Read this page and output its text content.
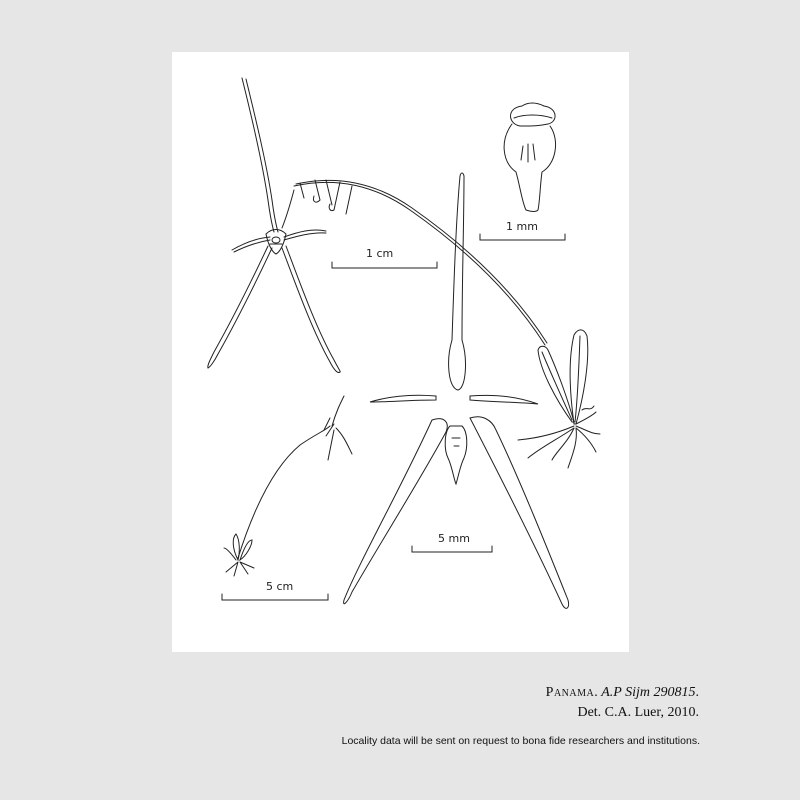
1 cm
1 mm
5 mm
5 cm
Panama. A.P Sijm 290815.
Det. C.A. Luer, 2010.
Locality data will be sent on request to bona fide researchers and institutions.
